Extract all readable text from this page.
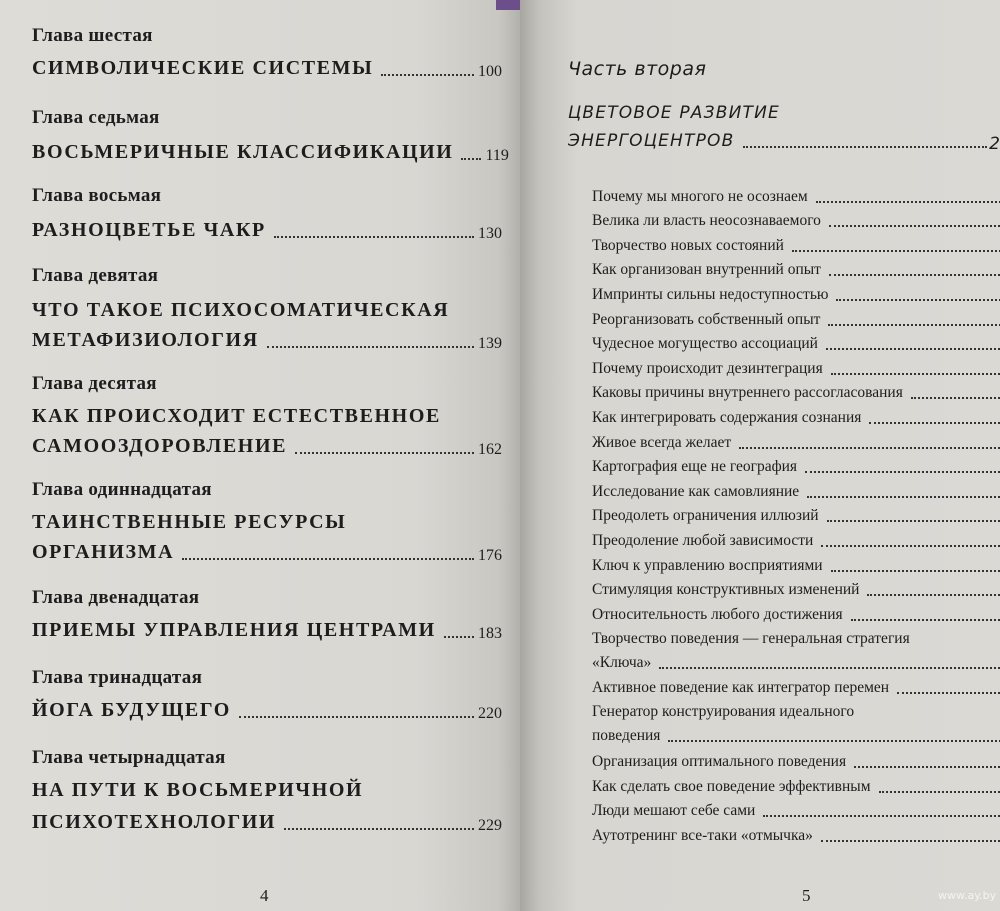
Глава шестая
СИМВОЛИЧЕСКИЕ СИСТЕМЫ	100
Глава седьмая
ВОСЬМЕРИЧНЫЕ КЛАССИФИКАЦИИ 119
Глава восьмая
РАЗНОЦВЕТЬЕ ЧАКР	130
Глава девятая
ЧТО ТАКОЕ ПСИХОСОМАТИЧЕСКАЯ
МЕТАФИЗИОЛОГИЯ	139
Глава десятая
КАК ПРОИСХОДИТ ЕСТЕСТВЕННОЕ
САМООЗДОРОВЛЕНИЕ	162
Глава одиннадцатая
ТАИНСТВЕННЫЕ РЕСУРСЫ
ОРГАНИЗМА	176
Глава двенадцатая
ПРИЕМЫ УПРАВЛЕНИЯ ЦЕНТРАМИ	183
Глава тринадцатая
ЙОГА БУДУЩЕГО	220
Глава четырнадцатая
НА ПУТИ К ВОСЬМЕРИЧНОЙ
ПСИХОТЕХНОЛОГИИ	229
4
Часть вторая
ЦВЕТОВОЕ РАЗВИТИЕ
ЭНЕРГОЦЕНТРОВ	2
Почему мы многого не осознаем
Велика ли власть неосознаваемого
Творчество новых состояний
Как организован внутренний опыт
Импринты сильны недоступностью
Реорганизовать собственный опыт
Чудесное могущество ассоциаций
Почему происходит дезинтеграция
Каковы причины внутреннего рассогласования
Как интегрировать содержания сознания
Живое всегда желает
Картография еще не география
Исследование как самовлияние
Преодолеть ограничения иллюзий
Преодоление любой зависимости
Ключ к управлению восприятиями
Стимуляция конструктивных изменений
Относительность любого достижения
Творчество поведения — генеральная стратегия
«Ключа»
Активное поведение как интегратор перемен
Генератор конструирования идеального
поведения
Организация оптимального поведения
Как сделать свое поведение эффективным
Люди мешают себе сами
Аутотренинг все-таки «отмычка»
5	www.ay.by
